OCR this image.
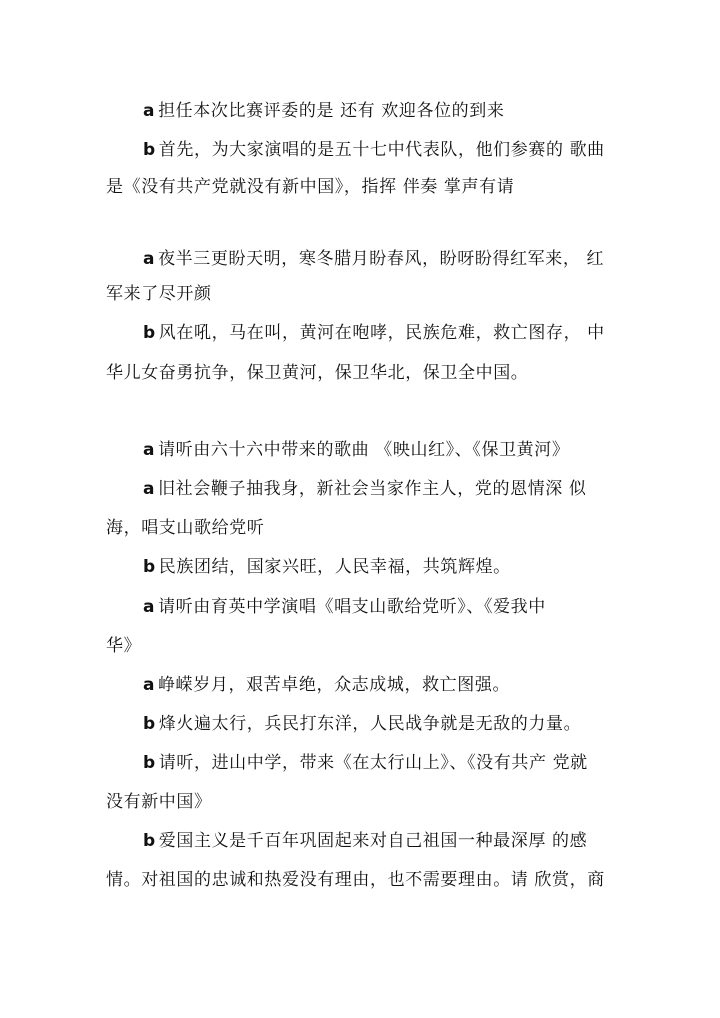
a 担任本次比赛评委的是 还有 欢迎各位的到来
b 首先，为大家演唱的是五十七中代表队，他们参赛的 歌曲
是《没有共产党就没有新中国》，指挥 伴奏 掌声有请
a 夜半三更盼天明，寒冬腊月盼春风，盼呀盼得红军来， 红
军来了尽开颜
b 风在吼，马在叫，黄河在咆哮，民族危难，救亡图存， 中
华儿女奋勇抗争，保卫黄河，保卫华北，保卫全中国。
a 请听由六十六中带来的歌曲 《映山红》、《保卫黄河》
a 旧社会鞭子抽我身，新社会当家作主人，党的恩情深 似
海，唱支山歌给党听
b 民族团结，国家兴旺，人民幸福，共筑辉煌。
a 请听由育英中学演唱《唱支山歌给党听》、《爱我中
华》
a 峥嵘岁月，艰苦卓绝，众志成城，救亡图强。
b 烽火遍太行，兵民打东洋，人民战争就是无敌的力量。
b 请听，进山中学，带来《在太行山上》、《没有共产 党就
没有新中国》
b 爱国主义是千百年巩固起来对自己祖国一种最深厚 的感
情。对祖国的忠诚和热爱没有理由，也不需要理由。请 欣赏，商
